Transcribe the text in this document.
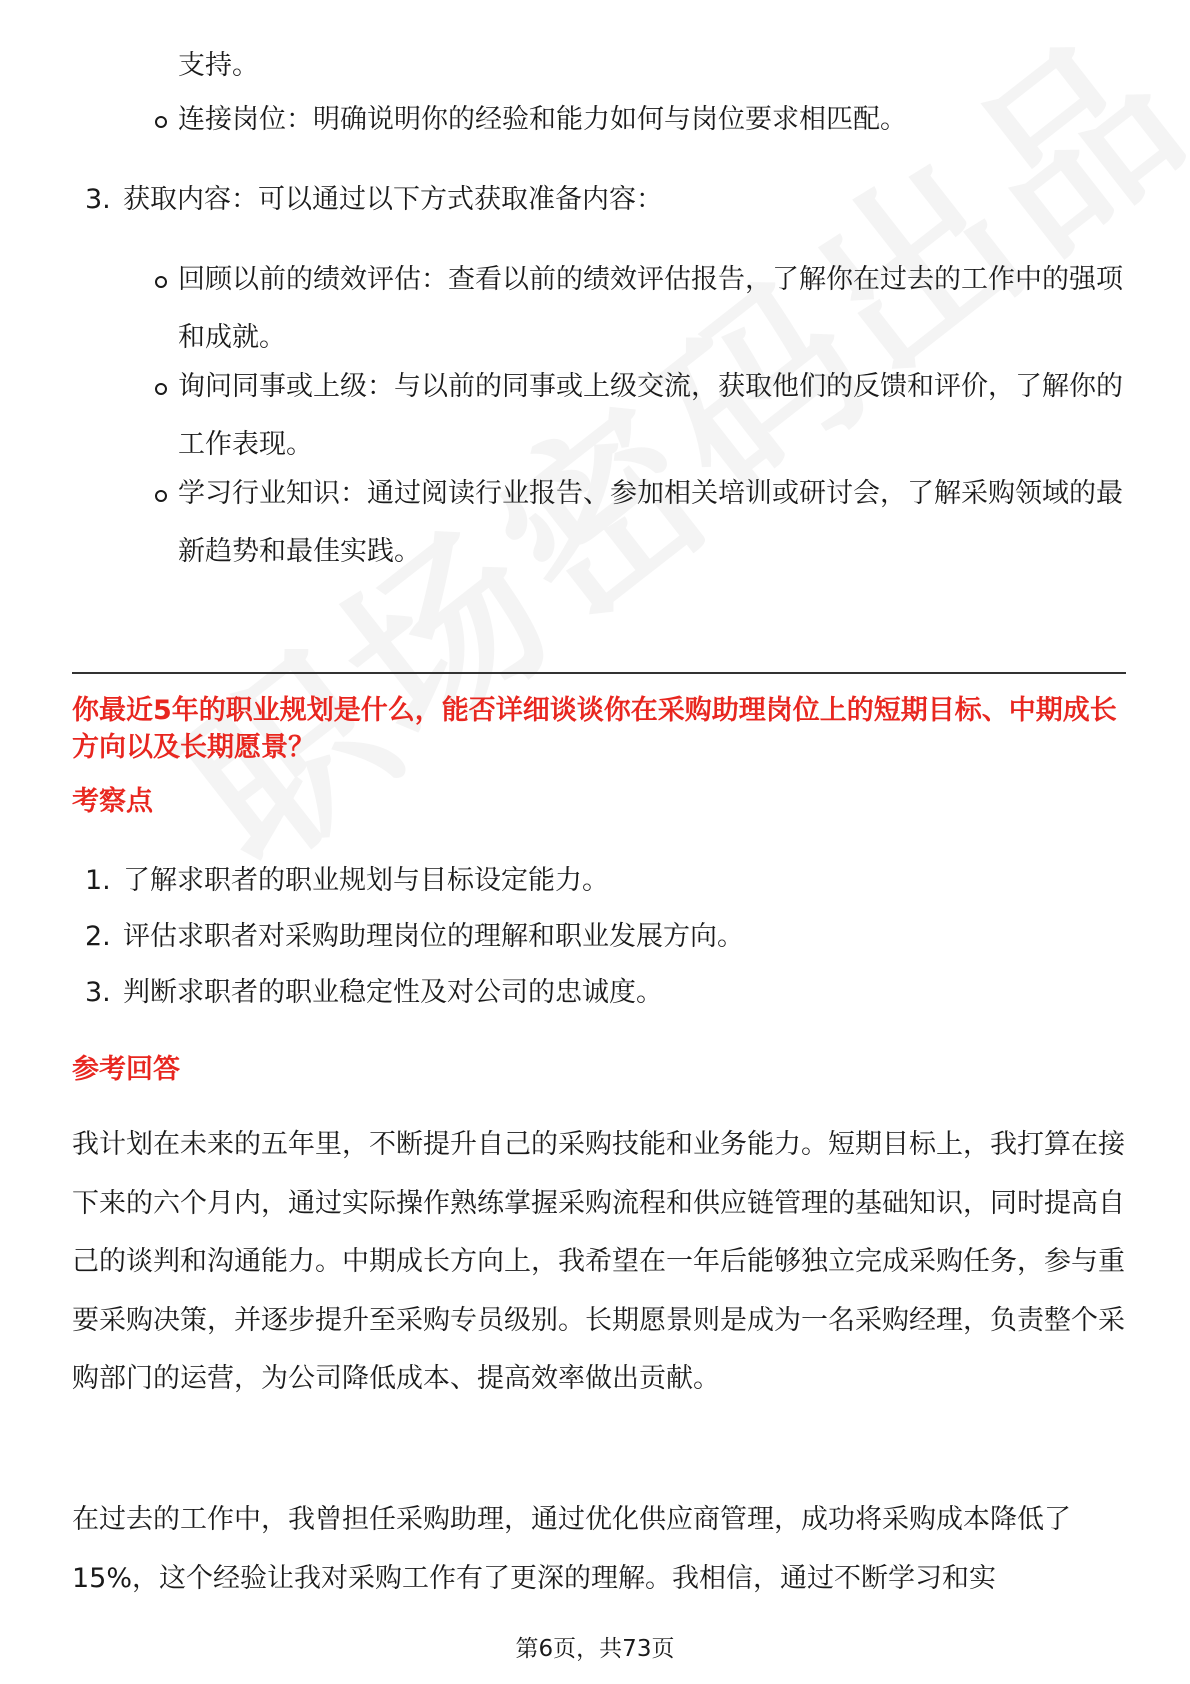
支持。
连接岗位：明确说明你的经验和能力如何与岗位要求相匹配。
3. 获取内容：可以通过以下方式获取准备内容：
回顾以前的绩效评估：查看以前的绩效评估报告，了解你在过去的工作中的强项和成就。
询问同事或上级：与以前的同事或上级交流，获取他们的反馈和评价，了解你的工作表现。
学习行业知识：通过阅读行业报告、参加相关培训或研讨会，了解采购领域的最新趋势和最佳实践。
你最近5年的职业规划是什么，能否详细谈谈你在采购助理岗位上的短期目标、中期成长方向以及长期愿景？
考察点
1. 了解求职者的职业规划与目标设定能力。
2. 评估求职者对采购助理岗位的理解和职业发展方向。
3. 判断求职者的职业稳定性及对公司的忠诚度。
参考回答
我计划在未来的五年里，不断提升自己的采购技能和业务能力。短期目标上，我打算在接下来的六个月内，通过实际操作熟练掌握采购流程和供应链管理的基础知识，同时提高自己的谈判和沟通能力。中期成长方向上，我希望在一年后能够独立完成采购任务，参与重要采购决策，并逐步提升至采购专员级别。长期愿景则是成为一名采购经理，负责整个采购部门的运营，为公司降低成本、提高效率做出贡献。
在过去的工作中，我曾担任采购助理，通过优化供应商管理，成功将采购成本降低了15%，这个经验让我对采购工作有了更深的理解。我相信，通过不断学习和实
第6页，共73页
